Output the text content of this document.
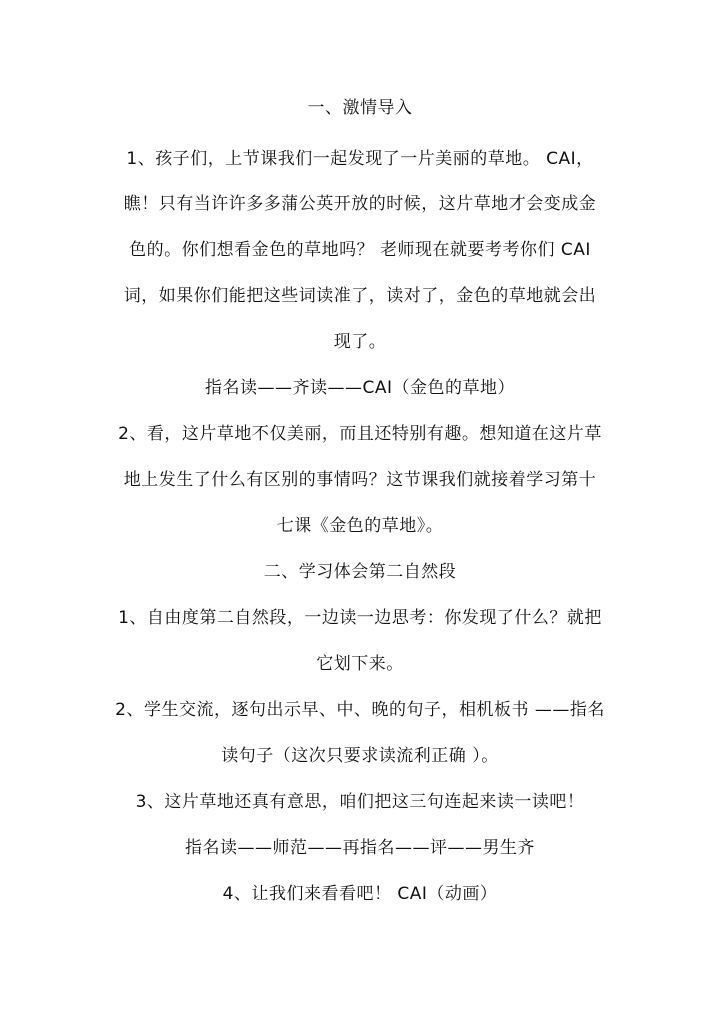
一、激情导入
1、孩子们，上节课我们一起发现了一片美丽的草地。 CAI，
瞧！只有当许许多多蒲公英开放的时候，这片草地才会变成金
色的。你们想看金色的草地吗？ 老师现在就要考考你们 CAI
词，如果你们能把这些词读准了，读对了，金色的草地就会出
现了。
指名读——齐读——CAI（金色的草地）
2、看，这片草地不仅美丽，而且还特别有趣。想知道在这片草
地上发生了什么有区别的事情吗？这节课我们就接着学习第十
七课《金色的草地》。
二、学习体会第二自然段
1、自由度第二自然段，一边读一边思考：你发现了什么？就把
它划下来。
2、学生交流，逐句出示早、中、晚的句子，相机板书 ——指名
读句子（这次只要求读流利正确 ）。
3、这片草地还真有意思，咱们把这三句连起来读一读吧！
指名读——师范——再指名——评——男生齐
4、让我们来看看吧！ CAI（动画）
